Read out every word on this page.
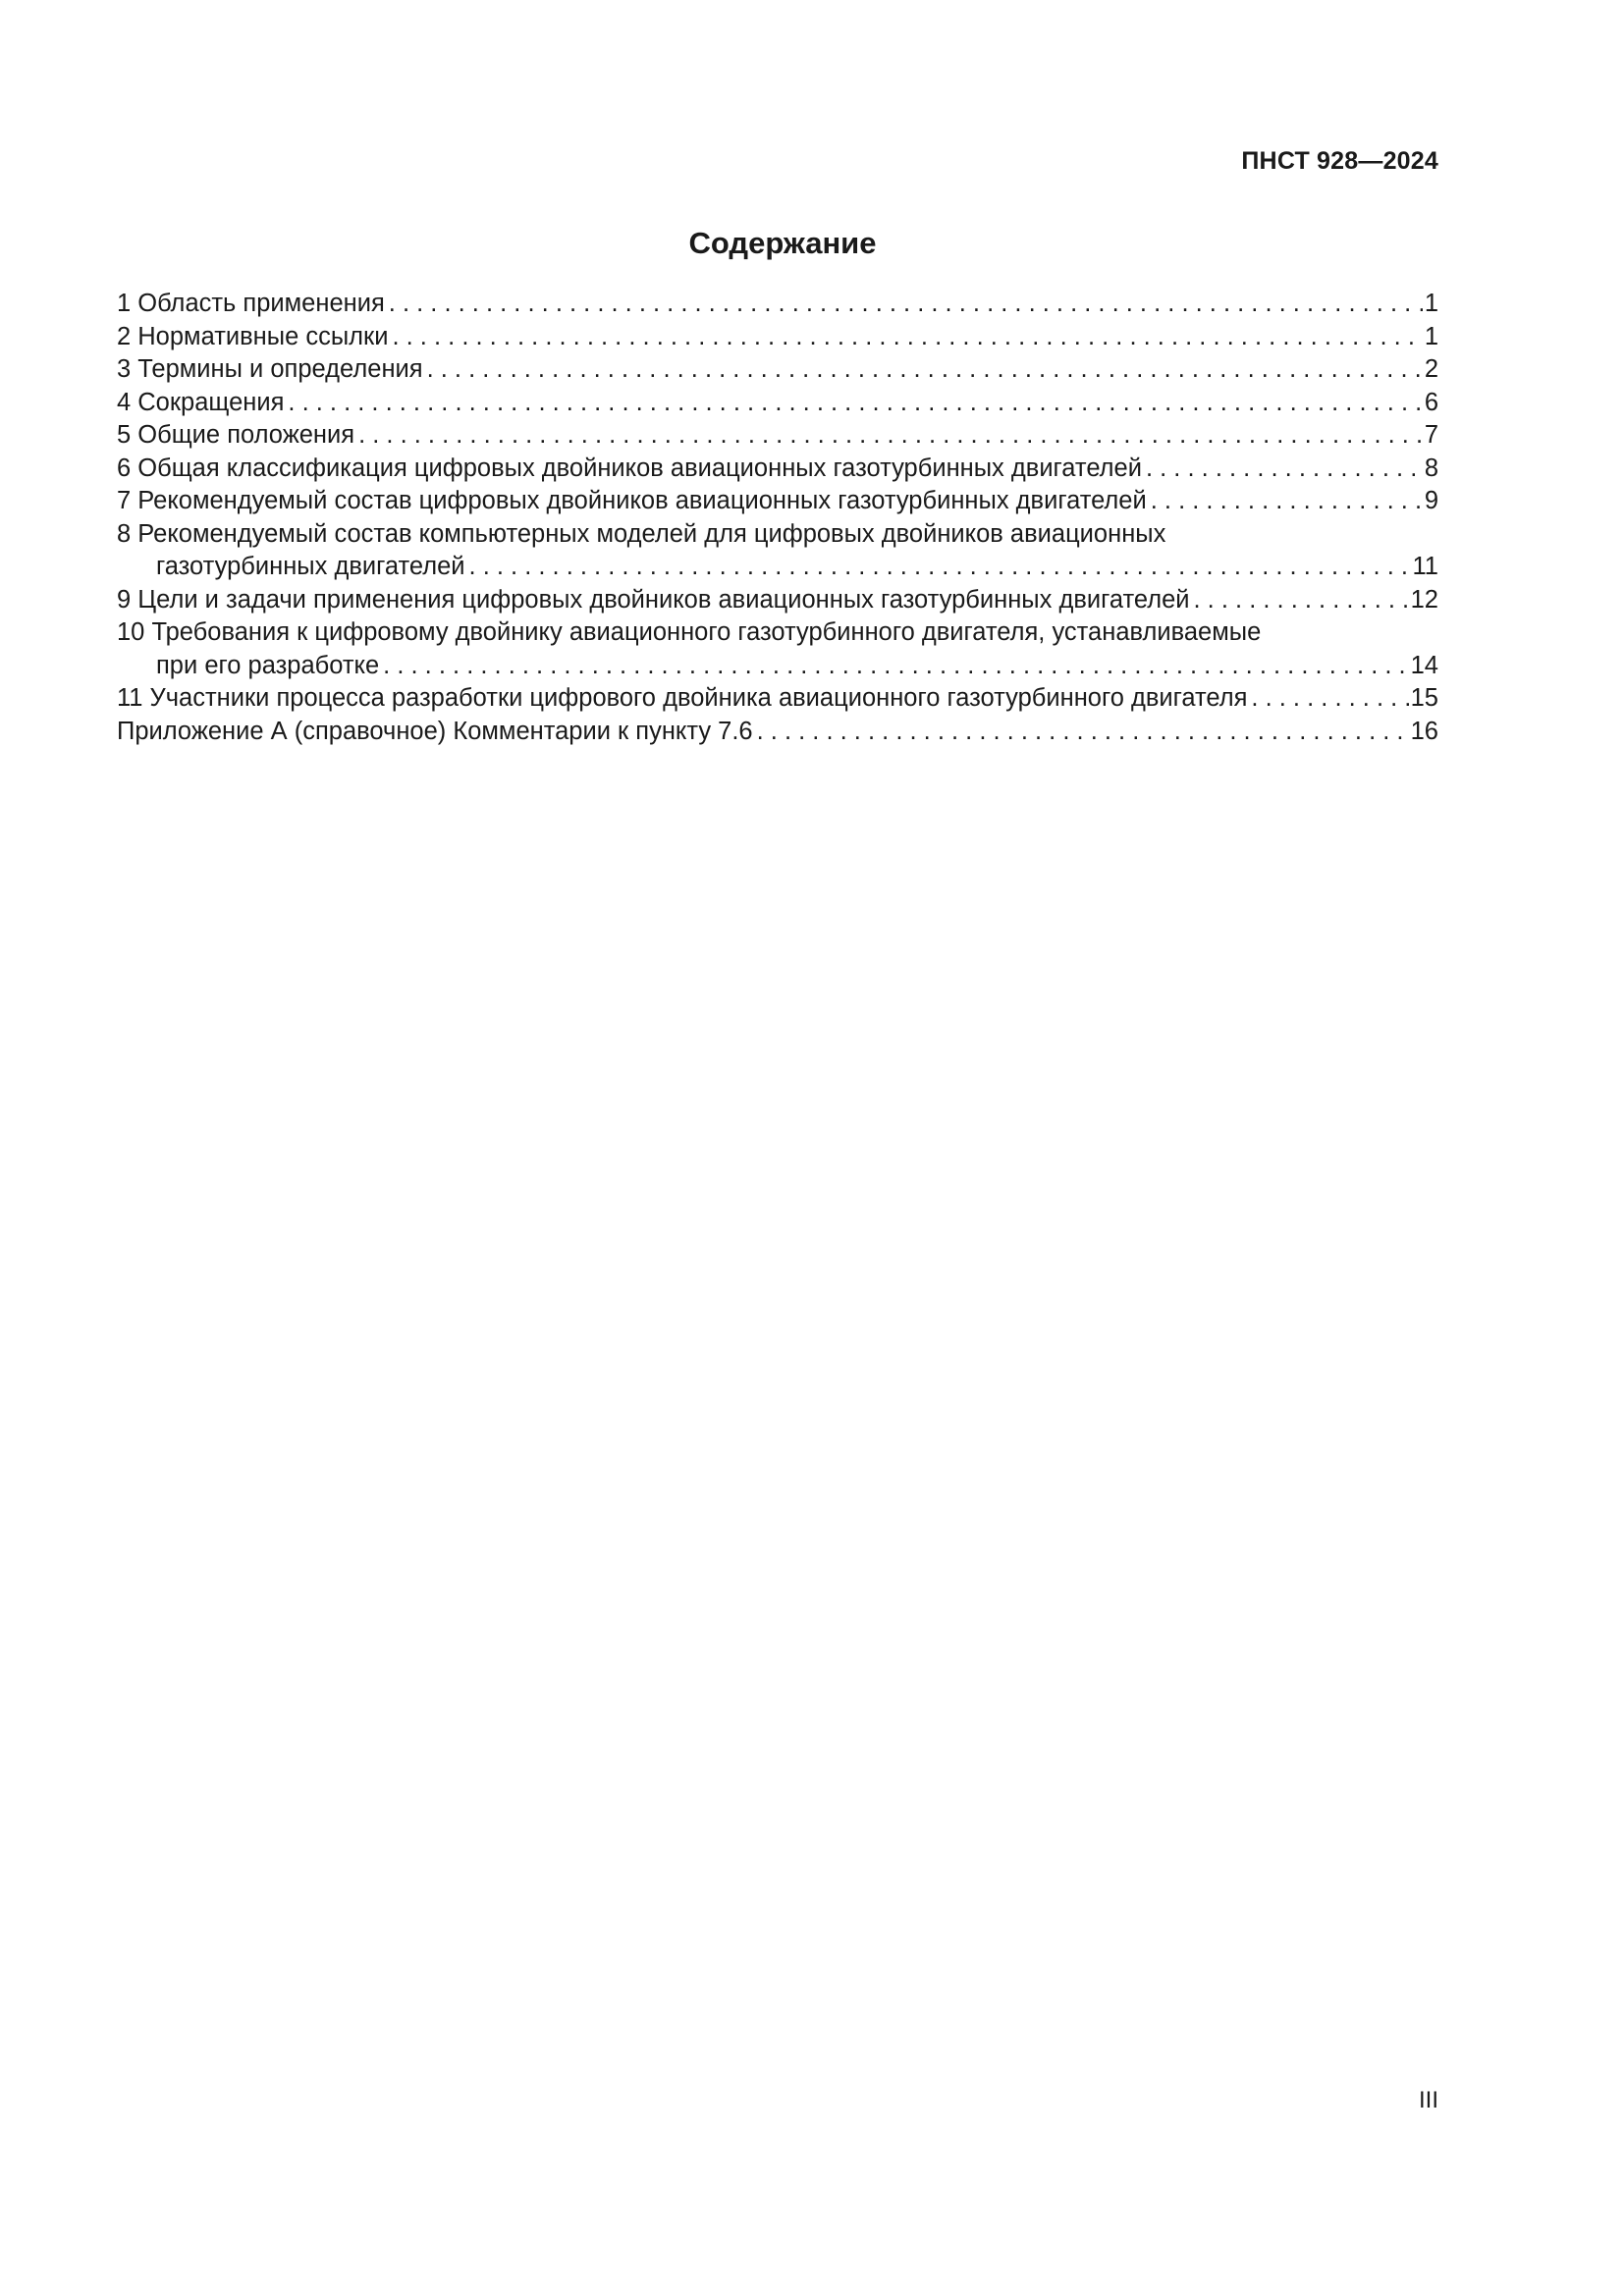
ПНСТ 928—2024
Содержание
1 Область применения . . .	1
2 Нормативные ссылки . . .	1
3 Термины и определения . . .	2
4 Сокращения . . .	6
5 Общие положения . . .	7
6 Общая классификация цифровых двойников авиационных газотурбинных двигателей . . .	8
7 Рекомендуемый состав цифровых двойников авиационных газотурбинных двигателей . . .	9
8 Рекомендуемый состав компьютерных моделей для цифровых двойников авиационных
газотурбинных двигателей . . .	11
9 Цели и задачи применения цифровых двойников авиационных газотурбинных двигателей . . .	12
10 Требования к цифровому двойнику авиационного газотурбинного двигателя, устанавливаемые
при его разработке . . .	14
11 Участники процесса разработки цифрового двойника авиационного газотурбинного двигателя . . .	15
Приложение А (справочное) Комментарии к пункту 7.6 . . .	16
III
